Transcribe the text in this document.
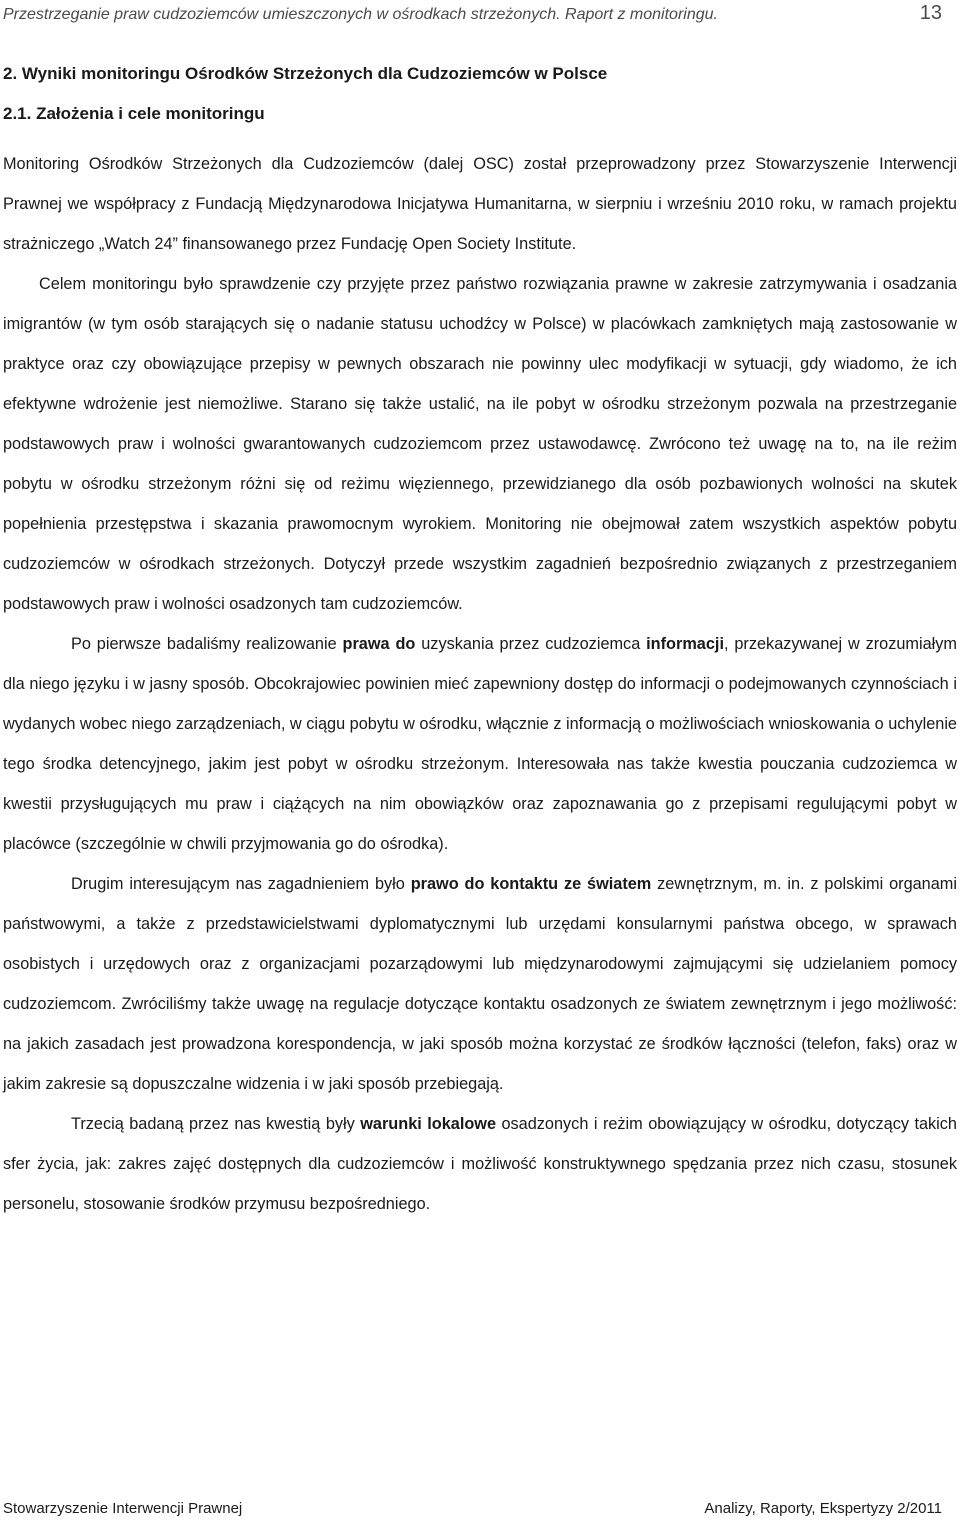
Przestrzeganie praw cudzoziemców umieszczonych w ośrodkach strzeżonych. Raport z monitoringu.	13
2. Wyniki monitoringu Ośrodków Strzeżonych dla Cudzoziemców w Polsce
2.1. Założenia i cele monitoringu

Monitoring Ośrodków Strzeżonych dla Cudzoziemców (dalej OSC) został przeprowadzony przez Stowarzyszenie Interwencji Prawnej we współpracy z Fundacją Międzynarodowa Inicjatywa Humanitarna, w sierpniu i wrześniu 2010 roku, w ramach projektu strażniczego „Watch 24” finansowanego przez Fundację Open Society Institute.

Celem monitoringu było sprawdzenie czy przyjęte przez państwo rozwiązania prawne w zakresie zatrzymywania i osadzania imigrantów (w tym osób starających się o nadanie statusu uchodźcy w Polsce) w placówkach zamkniętych mają zastosowanie w praktyce oraz czy obowiązujące przepisy w pewnych obszarach nie powinny ulec modyfikacji w sytuacji, gdy wiadomo, że ich efektywne wdrożenie jest niemożliwe. Starano się także ustalić, na ile pobyt w ośrodku strzeżonym pozwala na przestrzeganie podstawowych praw i wolności gwarantowanych cudzoziemcom przez ustawodawcę. Zwrócono też uwagę na to, na ile reżim pobytu w ośrodku strzeżonym różni się od reżimu więziennego, przewidzianego dla osób pozbawionych wolności na skutek popełnienia przestępstwa i skazania prawomocnym wyrokiem. Monitoring nie obejmował zatem wszystkich aspektów pobytu cudzoziemców w ośrodkach strzeżonych. Dotyczył przede wszystkim zagadnień bezpośrednio związanych z przestrzeganiem podstawowych praw i wolności osadzonych tam cudzoziemców.

Po pierwsze badaliśmy realizowanie prawa do uzyskania przez cudzoziemca informacji, przekazywanej w zrozumiałym dla niego języku i w jasny sposób. Obcokrajowiec powinien mieć zapewniony dostęp do informacji o podejmowanych czynnościach i wydanych wobec niego zarządzeniach, w ciągu pobytu w ośrodku, włącznie z informacją o możliwościach wnioskowania o uchylenie tego środka detencyjnego, jakim jest pobyt w ośrodku strzeżonym. Interesowała nas także kwestia pouczania cudzoziemca w kwestii przysługujących mu praw i ciążących na nim obowiązków oraz zapoznawania go z przepisami regulującymi pobyt w placówce (szczególnie w chwili przyjmowania go do ośrodka).

Drugim interesującym nas zagadnieniem było prawo do kontaktu ze światem zewnętrznym, m. in. z polskimi organami państwowymi, a także z przedstawicielstwami dyplomatycznymi lub urzędami konsularnymi państwa obcego, w sprawach osobistych i urzędowych oraz z organizacjami pozarządowymi lub międzynarodowymi zajmującymi się udzielaniem pomocy cudzoziemcom. Zwróciliśmy także uwagę na regulacje dotyczące kontaktu osadzonych ze światem zewnętrznym i jego możliwość: na jakich zasadach jest prowadzona korespondencja, w jaki sposób można korzystać ze środków łączności (telefon, faks) oraz w jakim zakresie są dopuszczalne widzenia i w jaki sposób przebiegają.

Trzecią badaną przez nas kwestią były warunki lokalowe osadzonych i reżim obowiązujący w ośrodku, dotyczący takich sfer życia, jak: zakres zajęć dostępnych dla cudzoziemców i możliwość konstruktywnego spędzania przez nich czasu, stosunek personelu, stosowanie środków przymusu bezpośredniego.

Stowarzyszenie Interwencji Prawnej	Analizy, Raporty, Ekspertyzy 2/2011
